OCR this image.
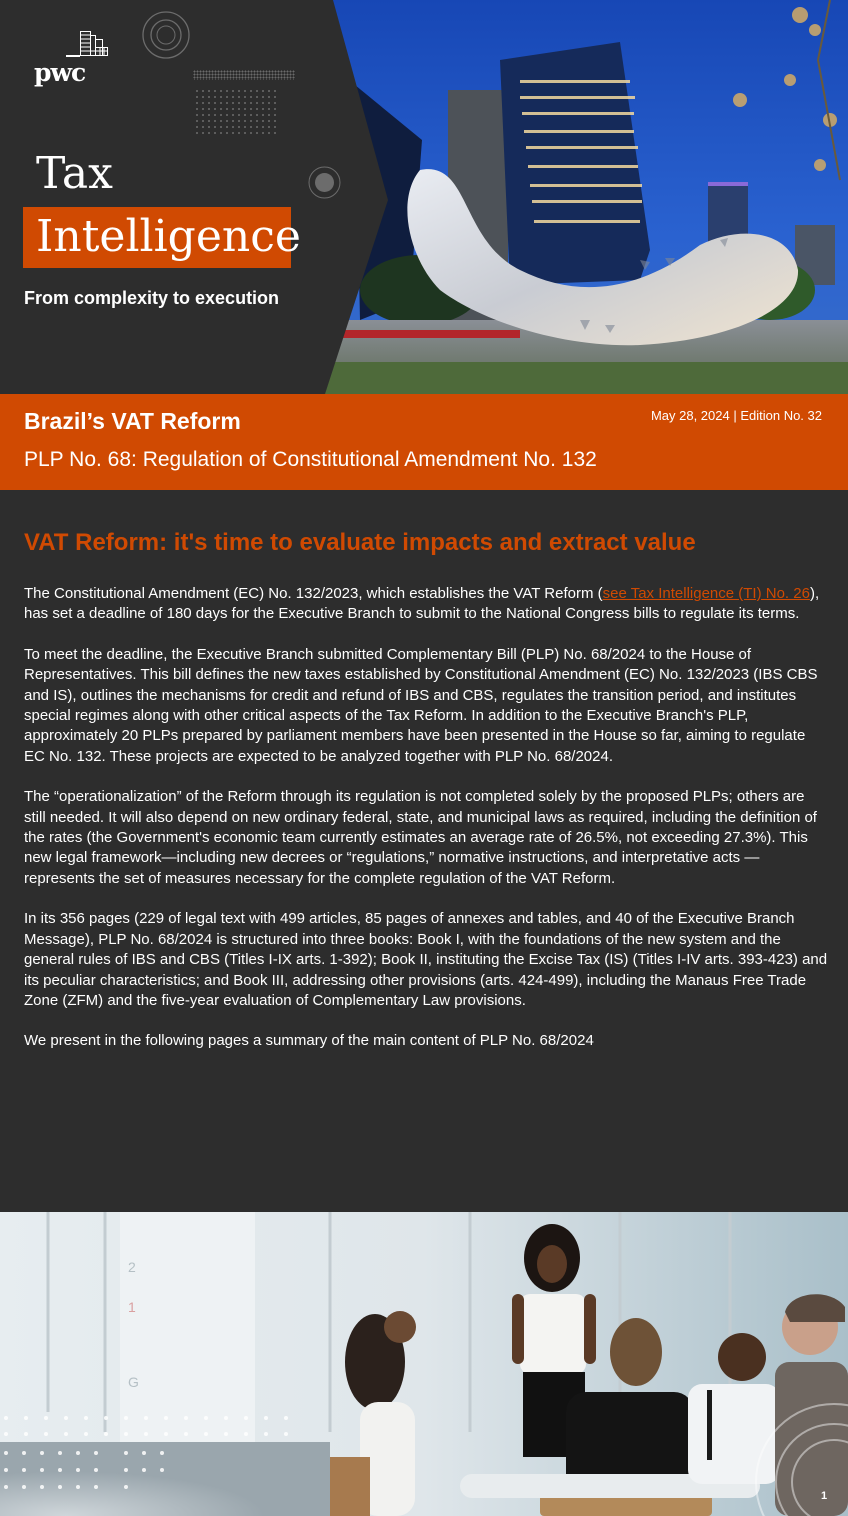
pwc
Tax
Intelligence
From complexity to execution
Brazil’s VAT Reform	May 28, 2024 | Edition No. 32
PLP No. 68: Regulation of Constitutional Amendment No. 132
VAT Reform: it's time to evaluate impacts and extract value

The Constitutional Amendment (EC) No. 132/2023, which establishes the VAT Reform (see Tax Intelligence (TI) No. 26), has set a deadline of 180 days for the Executive Branch to submit to the National Congress bills to regulate its terms.

To meet the deadline, the Executive Branch submitted Complementary Bill (PLP) No. 68/2024 to the House of Representatives. This bill defines the new taxes established by Constitutional Amendment (EC) No. 132/2023 (IBS CBS and IS), outlines the mechanisms for credit and refund of IBS and CBS, regulates the transition period, and institutes special regimes along with other critical aspects of the Tax Reform. In addition to the Executive Branch's PLP, approximately 20 PLPs prepared by parliament members have been presented in the House so far, aiming to regulate EC No. 132. These projects are expected to be analyzed together with PLP No. 68/2024.

The “operationalization” of the Reform through its regulation is not completed solely by the proposed PLPs; others are still needed. It will also depend on new ordinary federal, state, and municipal laws as required, including the definition of the rates (the Government's economic team currently estimates an average rate of 26.5%, not exceeding 27.3%). This new legal framework—including new decrees or “regulations,” normative instructions, and interpretative acts — represents the set of measures necessary for the complete regulation of the VAT Reform.

In its 356 pages (229 of legal text with 499 articles, 85 pages of annexes and tables, and 40 of the Executive Branch Message), PLP No. 68/2024 is structured into three books: Book I, with the foundations of the new system and the general rules of IBS and CBS (Titles I-IX arts. 1-392); Book II, instituting the Excise Tax (IS) (Titles I-IV arts. 393-423) and its peculiar characteristics; and Book III, addressing other provisions (arts. 424-499), including the Manaus Free Trade Zone (ZFM) and the five-year evaluation of Complementary Law provisions.

We present in the following pages a summary of the main content of PLP No. 68/2024

2
1
G
1
